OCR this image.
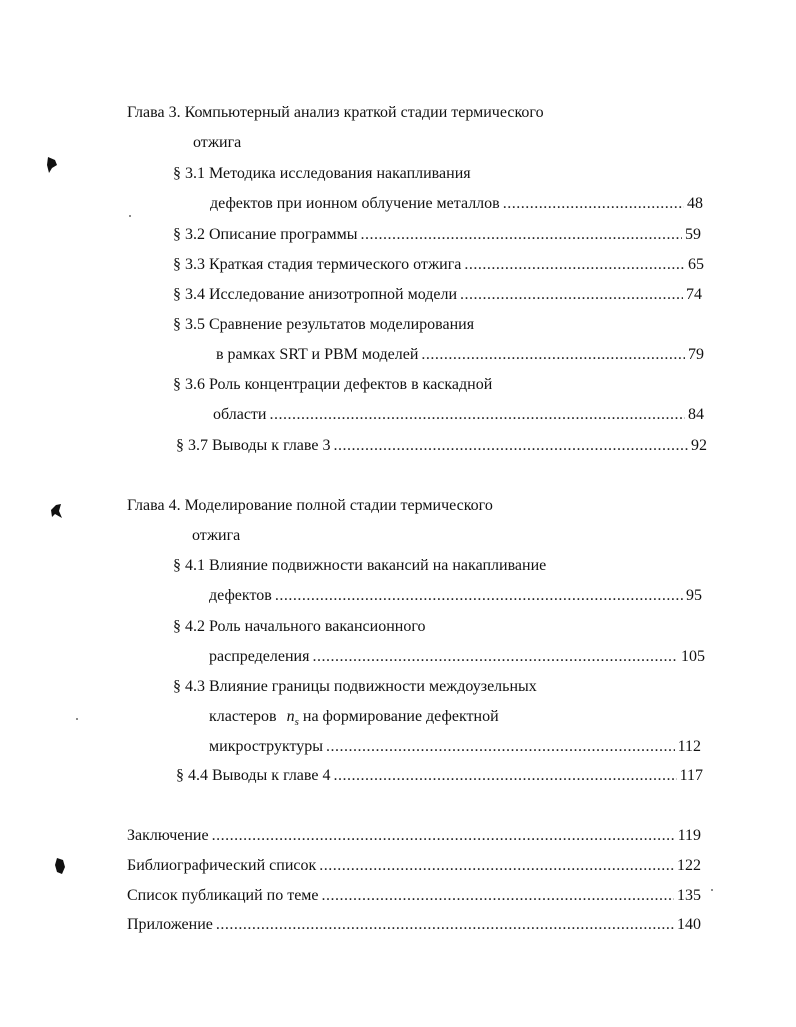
Глава 3. Компьютерный анализ краткой стадии термического
отжига
§ 3.1 Методика исследования накапливания
дефектов при ионном облучение металлов .....	48
§ 3.2 Описание программы .....	59
§ 3.3 Краткая стадия термического отжига .....	65
§ 3.4 Исследование анизотропной модели .....	74
§ 3.5 Сравнение результатов моделирования
в рамках SRT и PBM моделей .....	79
§ 3.6 Роль концентрации дефектов в каскадной
области .....	84
§ 3.7 Выводы к главе 3 .....	92
Глава 4. Моделирование полной стадии термического
отжига
§ 4.1 Влияние подвижности вакансий на накапливание
дефектов .....	95
§ 4.2 Роль начального вакансионного
распределения .....	105
§ 4.3 Влияние границы подвижности междоузельных
кластеров $n_s$ на формирование дефектной
микроструктуры .....	112
§ 4.4 Выводы к главе 4 .....	117
Заключение .....	119
Библиографический список .....	122
Список публикаций по теме .....	135
Приложение .....	140
